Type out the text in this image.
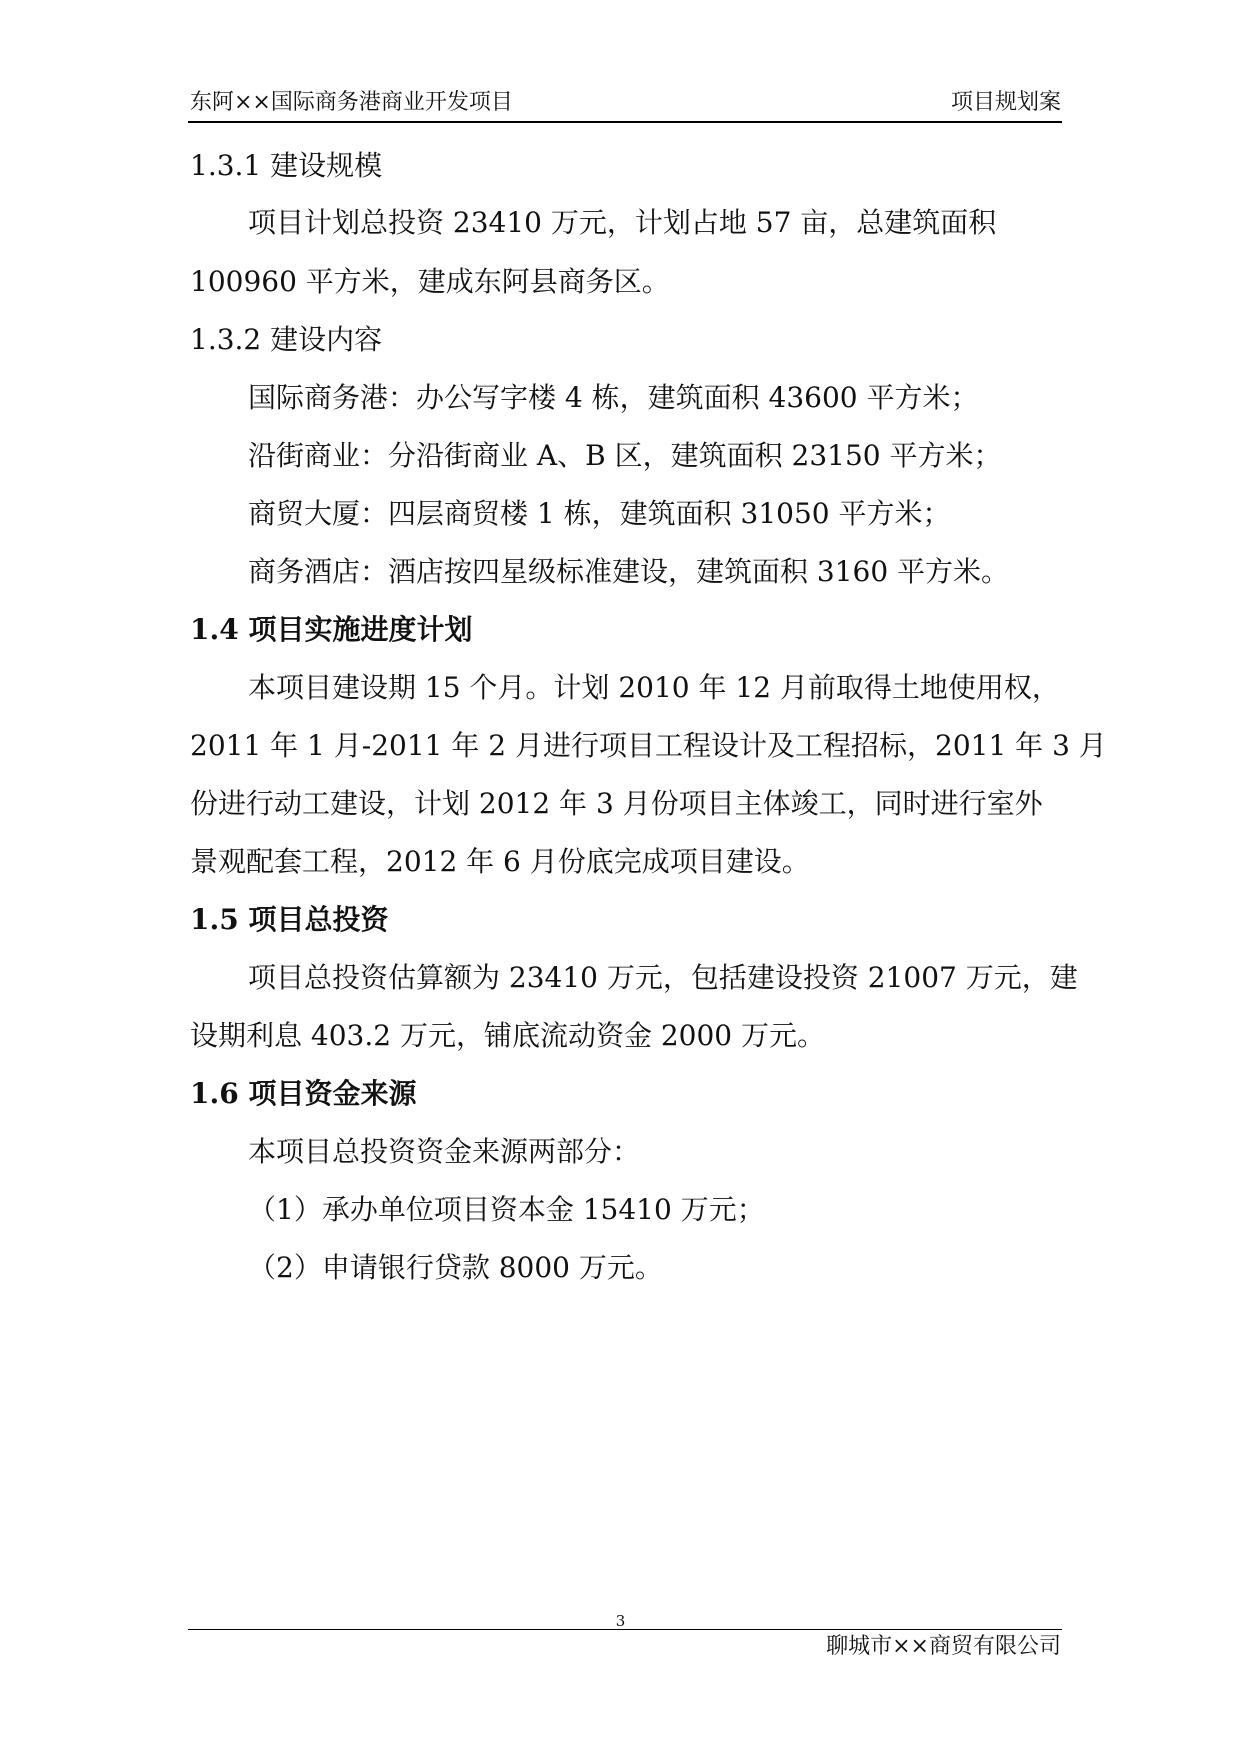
东阿××国际商务港商业开发项目	项目规划案
1.3.1 建设规模
项目计划总投资 23410 万元，计划占地 57 亩，总建筑面积
100960 平方米，建成东阿县商务区。
1.3.2 建设内容
国际商务港：办公写字楼 4 栋，建筑面积 43600 平方米；
沿街商业：分沿街商业 A、B 区，建筑面积 23150 平方米；
商贸大厦：四层商贸楼 1 栋，建筑面积 31050 平方米；
商务酒店：酒店按四星级标准建设，建筑面积 3160 平方米。
1.4 项目实施进度计划
本项目建设期 15 个月。计划 2010 年 12 月前取得土地使用权，
2011 年 1 月-2011 年 2 月进行项目工程设计及工程招标，2011 年 3 月
份进行动工建设，计划 2012 年 3 月份项目主体竣工，同时进行室外
景观配套工程，2012 年 6 月份底完成项目建设。
1.5 项目总投资
项目总投资估算额为 23410 万元，包括建设投资 21007 万元，建
设期利息 403.2 万元，铺底流动资金 2000 万元。
1.6 项目资金来源
本项目总投资资金来源两部分：
（1）承办单位项目资本金 15410 万元；
（2）申请银行贷款 8000 万元。
3
聊城市××商贸有限公司
